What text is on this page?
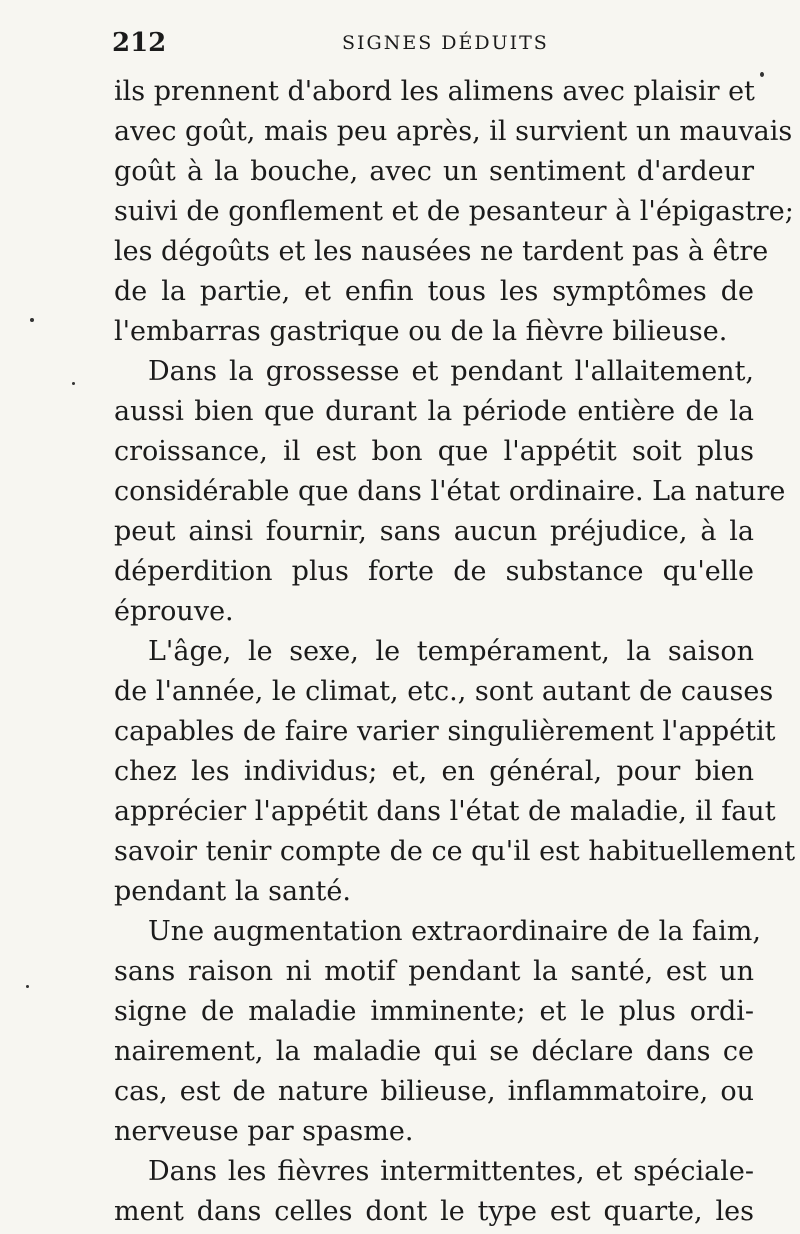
212	SIGNES DÉDUITS
ils prennent d'abord les alimens avec plaisir et
avec goût, mais peu après, il survient un mauvais
goût à la bouche, avec un sentiment d'ardeur
suivi de gonflement et de pesanteur à l'épigastre;
les dégoûts et les nausées ne tardent pas à être
de la partie, et enfin tous les symptômes de
l'embarras gastrique ou de la fièvre bilieuse.
Dans la grossesse et pendant l'allaitement,
aussi bien que durant la période entière de la
croissance, il est bon que l'appétit soit plus
considérable que dans l'état ordinaire. La nature
peut ainsi fournir, sans aucun préjudice, à la
déperdition plus forte de substance qu'elle
éprouve.
L'âge, le sexe, le tempérament, la saison
de l'année, le climat, etc., sont autant de causes
capables de faire varier singulièrement l'appétit
chez les individus; et, en général, pour bien
apprécier l'appétit dans l'état de maladie, il faut
savoir tenir compte de ce qu'il est habituellement
pendant la santé.
Une augmentation extraordinaire de la faim,
sans raison ni motif pendant la santé, est un
signe de maladie imminente; et le plus ordi-
nairement, la maladie qui se déclare dans ce
cas, est de nature bilieuse, inflammatoire, ou
nerveuse par spasme.
Dans les fièvres intermittentes, et spéciale-
ment dans celles dont le type est quarte, les
